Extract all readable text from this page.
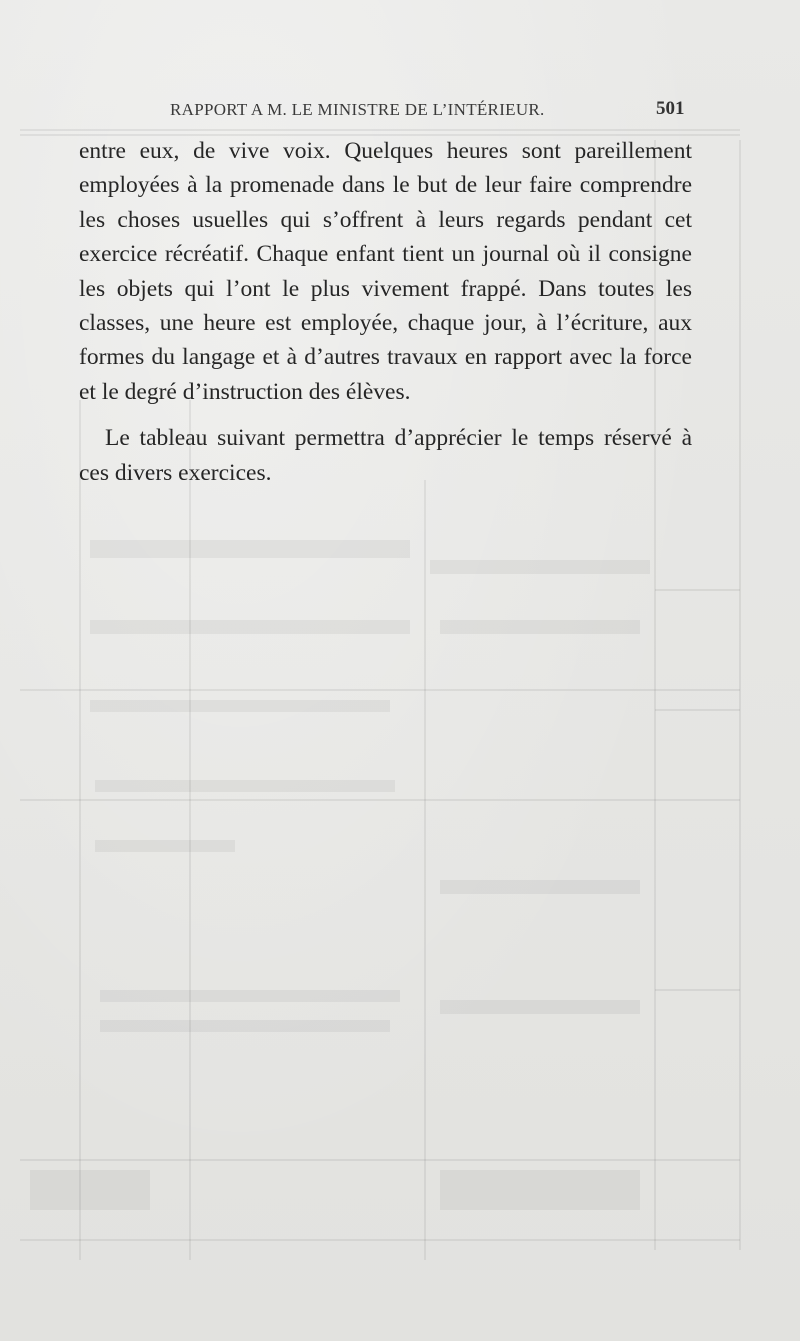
RAPPORT A M. LE MINISTRE DE L’INTÉRIEUR.	501

entre eux, de vive voix. Quelques heures sont pareillement employées à la promenade dans le but de leur faire comprendre les choses usuelles qui s’offrent à leurs regards pendant cet exercice récréatif. Chaque enfant tient un journal où il consigne les objets qui l’ont le plus vivement frappé. Dans toutes les classes, une heure est employée, chaque jour, à l’écriture, aux formes du langage et à d’autres travaux en rapport avec la force et le degré d’instruction des élèves.

Le tableau suivant permettra d’apprécier le temps réservé à ces divers exercices.
